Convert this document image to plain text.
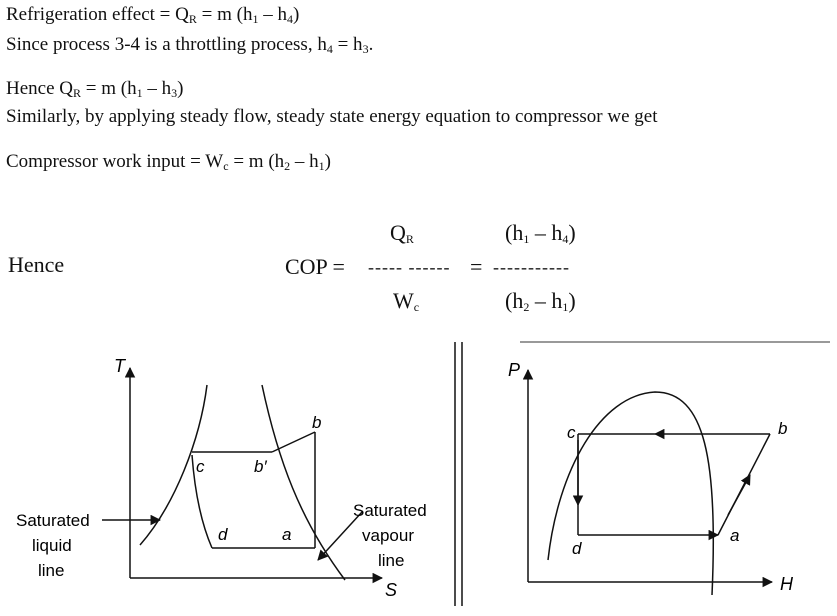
Refrigeration effect = $Q_R = m$ $(h_1 - h_4)$
Since process 3-4 is a throttling process, $h_4 = h_3$.
Hence $Q_R = m$ $(h_1 - h_3)$
Similarly, by applying steady flow, steady state energy equation to compressor we get
Compressor work input = $W_c = m$ $(h_2 - h_1)$
Hence	COP =
$Q_R$
----- ------
$W_c$
=
$(h_1 - h_4)$
-----------
$(h_2 - h_1)$
T
S
b
c	b′
d	a
Saturated liquid line
Saturated vapour line
P
H
c	b
d
a
